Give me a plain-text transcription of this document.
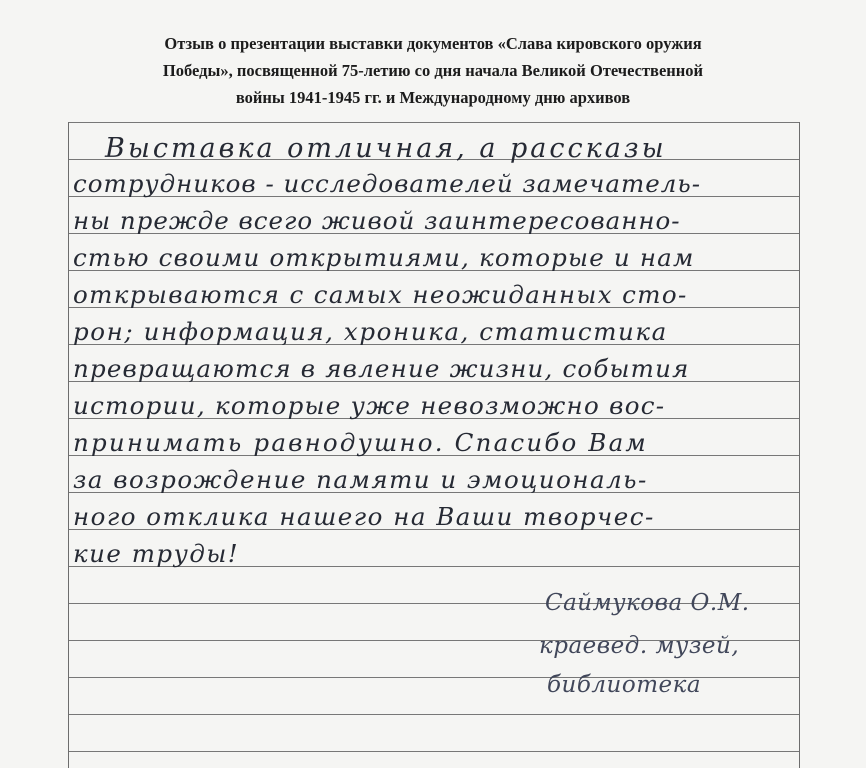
Отзыв о презентации выставки документов «Слава кировского оружия
Победы», посвященной 75-летию со дня начала Великой Отечественной
войны 1941-1945 гг. и Международному дню архивов
Выставка отличная, а рассказы
сотрудников - исследователей замечатель-
ны прежде всего живой заинтересованно-
стью своими открытиями, которые и нам
открываются с самых неожиданных сто-
рон; информация, хроника, статистика
превращаются в явление жизни, события
истории, которые уже невозможно вос-
принимать равнодушно. Спасибо Вам
за возрождение памяти и эмоциональ-
ного отклика нашего на Ваши творчес-
кие труды!
Саймукова О.М.
краевед. музей,
библиотека
